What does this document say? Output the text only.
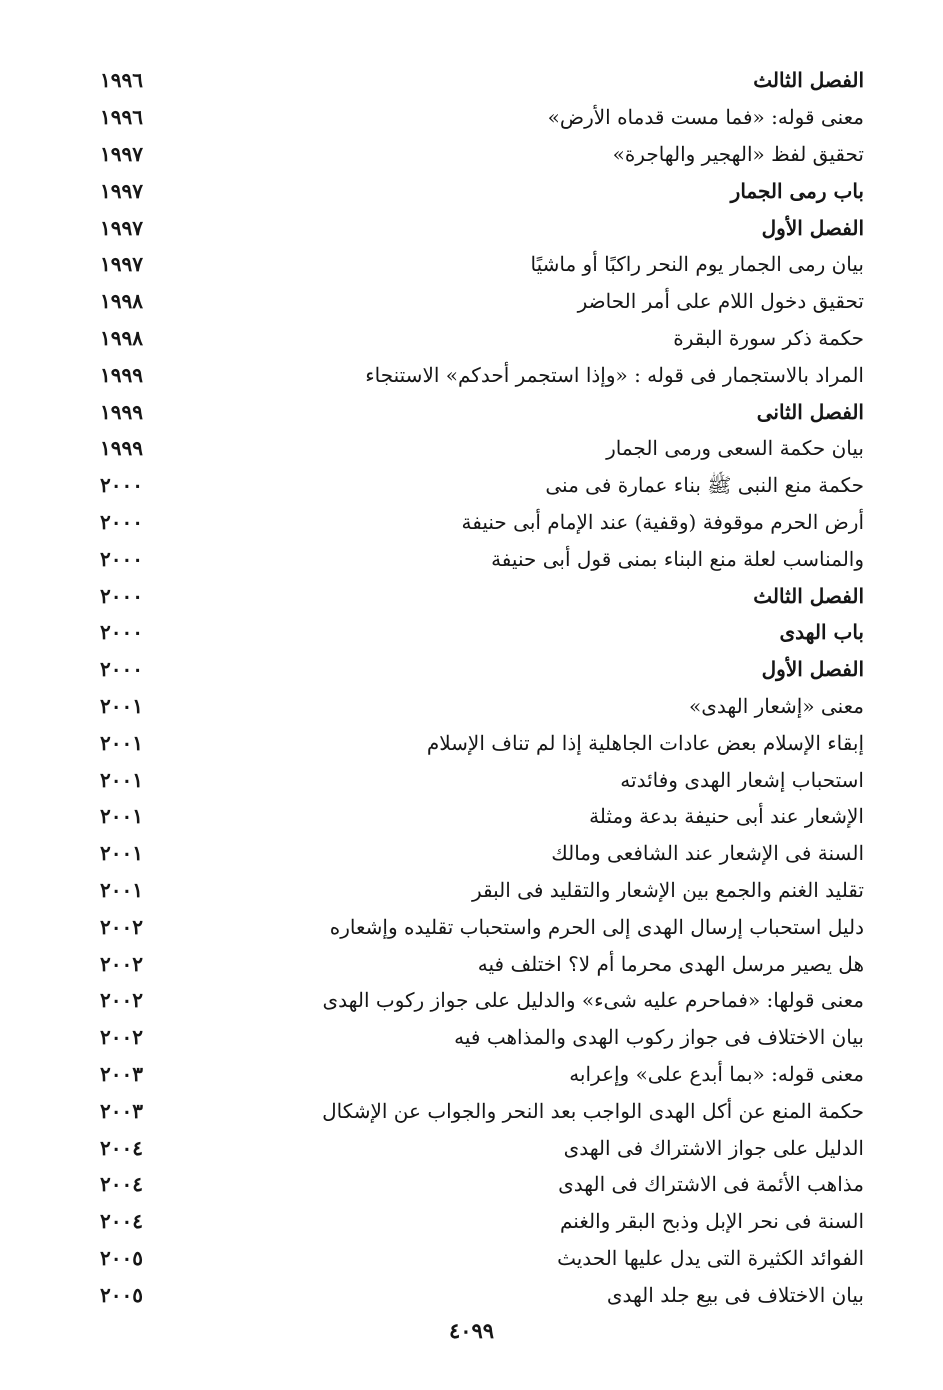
الفصل الثالث
١٩٩٦
معنى قوله: «فما مست قدماه الأرض»
١٩٩٦
تحقيق لفظ «الهجير والهاجرة»
١٩٩٧
باب رمى الجمار
١٩٩٧
الفصل الأول
١٩٩٧
بيان رمى الجمار يوم النحر راكبًا أو ماشيًا
١٩٩٧
تحقيق دخول اللام على أمر الحاضر
١٩٩٨
حكمة ذكر سورة البقرة
١٩٩٨
المراد بالاستجمار فى قوله : «وإذا استجمر أحدكم» الاستنجاء
١٩٩٩
الفصل الثانى
١٩٩٩
بيان حكمة السعى ورمى الجمار
١٩٩٩
حكمة منع النبى ﷺ بناء عمارة فى منى
٢٠٠٠
أرض الحرم موقوفة (وقفية) عند الإمام أبى حنيفة
٢٠٠٠
والمناسب لعلة منع البناء بمنى قول أبى حنيفة
٢٠٠٠
الفصل الثالث
٢٠٠٠
باب الهدى
٢٠٠٠
الفصل الأول
٢٠٠٠
معنى «إشعار الهدى»
٢٠٠١
إبقاء الإسلام بعض عادات الجاهلية إذا لم تناف الإسلام
٢٠٠١
استحباب إشعار الهدى وفائدته
٢٠٠١
الإشعار عند أبى حنيفة بدعة ومثلة
٢٠٠١
السنة فى الإشعار عند الشافعى ومالك
٢٠٠١
تقليد الغنم والجمع بين الإشعار والتقليد فى البقر
٢٠٠١
دليل استحباب إرسال الهدى إلى الحرم واستحباب تقليده وإشعاره
٢٠٠٢
هل يصير مرسل الهدى محرما أم لا؟ اختلف فيه
٢٠٠٢
معنى قولها: «فماحرم عليه شىء» والدليل على جواز ركوب الهدى
٢٠٠٢
بيان الاختلاف فى جواز ركوب الهدى والمذاهب فيه
٢٠٠٢
معنى قوله: «بما أبدع على» وإعرابه
٢٠٠٣
حكمة المنع عن أكل الهدى الواجب بعد النحر والجواب عن الإشكال
٢٠٠٣
الدليل على جواز الاشتراك فى الهدى
٢٠٠٤
مذاهب الأئمة فى الاشتراك فى الهدى
٢٠٠٤
السنة فى نحر الإبل وذبح البقر والغنم
٢٠٠٤
الفوائد الكثيرة التى يدل عليها الحديث
٢٠٠٥
بيان الاختلاف فى بيع جلد الهدى
٢٠٠٥
٤٠٩٩
